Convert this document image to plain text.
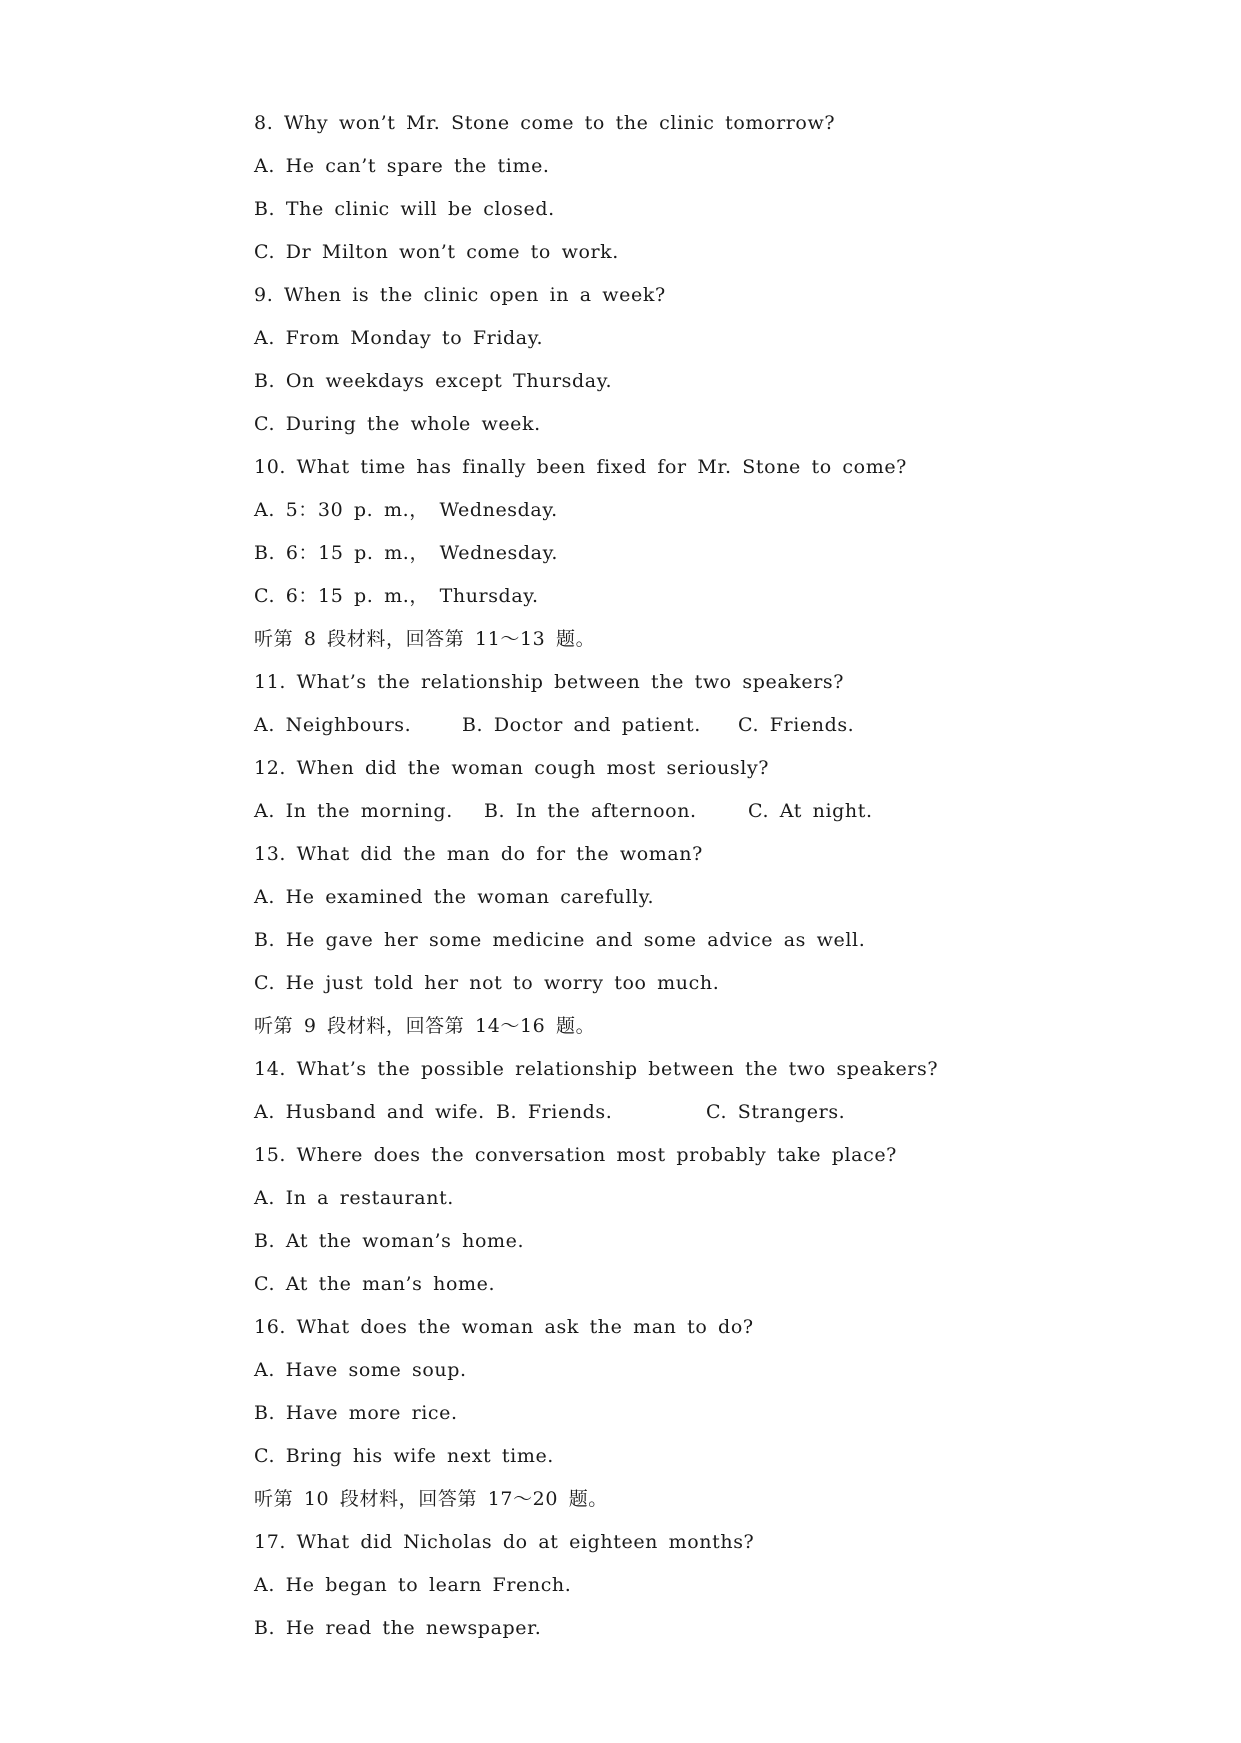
8. Why won’t Mr. Stone come to the clinic tomorrow?
A. He can’t spare the time.
B. The clinic will be closed.
C. Dr Milton won’t come to work.
9. When is the clinic open in a week?
A. From Monday to Friday.
B. On weekdays except Thursday.
C. During the whole week.
10. What time has finally been fixed for Mr. Stone to come?
A. 5：30 p. m.， Wednesday.
B. 6：15 p. m.， Wednesday.
C. 6：15 p. m.， Thursday.
听第 8 段材料，回答第 11～13 题。
11. What’s the relationship between the two speakers?
A. Neighbours.	B. Doctor and patient.	C. Friends.
12. When did the woman cough most seriously?
A. In the morning.	B. In the afternoon.	C. At night.
13. What did the man do for the woman?
A. He examined the woman carefully.
B. He gave her some medicine and some advice as well.
C. He just told her not to worry too much.
听第 9 段材料，回答第 14～16 题。
14. What’s the possible relationship between the two speakers?
A. Husband and wife. B. Friends.	C. Strangers.
15. Where does the conversation most probably take place?
A. In a restaurant.
B. At the woman’s home.
C. At the man’s home.
16. What does the woman ask the man to do?
A. Have some soup.
B. Have more rice.
C. Bring his wife next time.
听第 10 段材料，回答第 17～20 题。
17. What did Nicholas do at eighteen months?
A. He began to learn French.
B. He read the newspaper.
